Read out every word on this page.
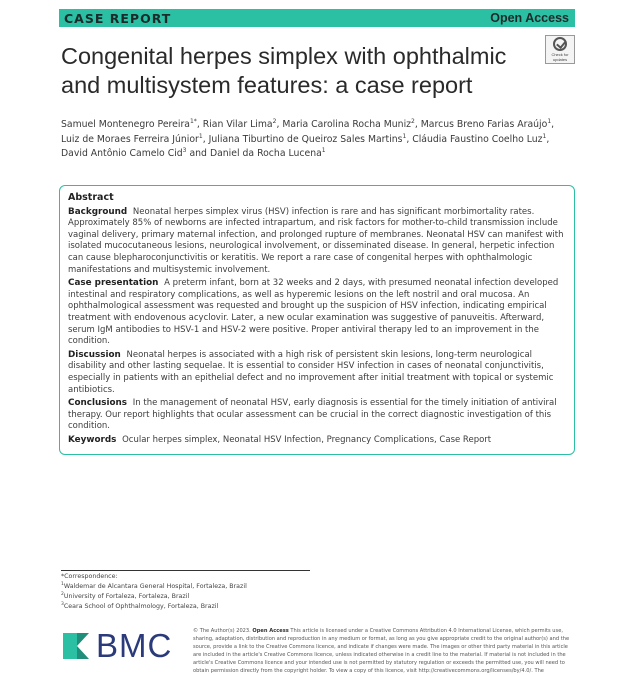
CASE REPORT	Open Access
Congenital herpes simplex with ophthalmic and multisystem features: a case report
Check for
updates
Samuel Montenegro Pereira$^{1*}$, Rian Vilar Lima$^2$, Maria Carolina Rocha Muniz$^2$, Marcus Breno Farias Araújo$^1$,
Luiz de Moraes Ferreira Júnior$^1$, Juliana Tiburtino de Queiroz Sales Martins$^1$, Cláudia Faustino Coelho Luz$^1$,
David Antônio Camelo Cid$^3$ and Daniel da Rocha Lucena$^1$
Abstract

Background Neonatal herpes simplex virus (HSV) infection is rare and has significant morbimortality rates. Approximately 85% of newborns are infected intrapartum, and risk factors for mother-to-child transmission include vaginal delivery, primary maternal infection, and prolonged rupture of membranes. Neonatal HSV can manifest with isolated mucocutaneous lesions, neurological involvement, or disseminated disease. In general, herpetic infection can cause blepharoconjunctivitis or keratitis. We report a rare case of congenital herpes with ophthalmologic manifestations and multisystemic involvement.

Case presentation A preterm infant, born at 32 weeks and 2 days, with presumed neonatal infection developed intestinal and respiratory complications, as well as hyperemic lesions on the left nostril and oral mucosa. An ophthalmological assessment was requested and brought up the suspicion of HSV infection, indicating empirical treatment with endovenous acyclovir. Later, a new ocular examination was suggestive of panuveitis. Afterward, serum IgM antibodies to HSV-1 and HSV-2 were positive. Proper antiviral therapy led to an improvement in the condition.

Discussion Neonatal herpes is associated with a high risk of persistent skin lesions, long-term neurological disability and other lasting sequelae. It is essential to consider HSV infection in cases of neonatal conjunctivitis, especially in patients with an epithelial defect and no improvement after initial treatment with topical or systemic antibiotics.

Conclusions In the management of neonatal HSV, early diagnosis is essential for the timely initiation of antiviral therapy. Our report highlights that ocular assessment can be crucial in the correct diagnostic investigation of this condition.

Keywords Ocular herpes simplex, Neonatal HSV Infection, Pregnancy Complications, Case Report

*Correspondence:
$^1$Waldemar de Alcantara General Hospital, Fortaleza, Brazil
$^2$University of Fortaleza, Fortaleza, Brazil
$^3$Ceara School of Ophthalmology, Fortaleza, Brazil
BMC	© The Author(s) 2023. Open Access This article is licensed under a Creative Commons Attribution 4.0 International License, which permits use, sharing, adaptation, distribution and reproduction in any medium or format, as long as you give appropriate credit to the original author(s) and the source, provide a link to the Creative Commons licence, and indicate if changes were made. The images or other third party material in this article are included in the article's Creative Commons licence, unless indicated otherwise in a credit line to the material. If material is not included in the article's Creative Commons licence and your intended use is not permitted by statutory regulation or exceeds the permitted use, you will need to obtain permission directly from the copyright holder. To view a copy of this licence, visit http://creativecommons.org/licenses/by/4.0/. The
